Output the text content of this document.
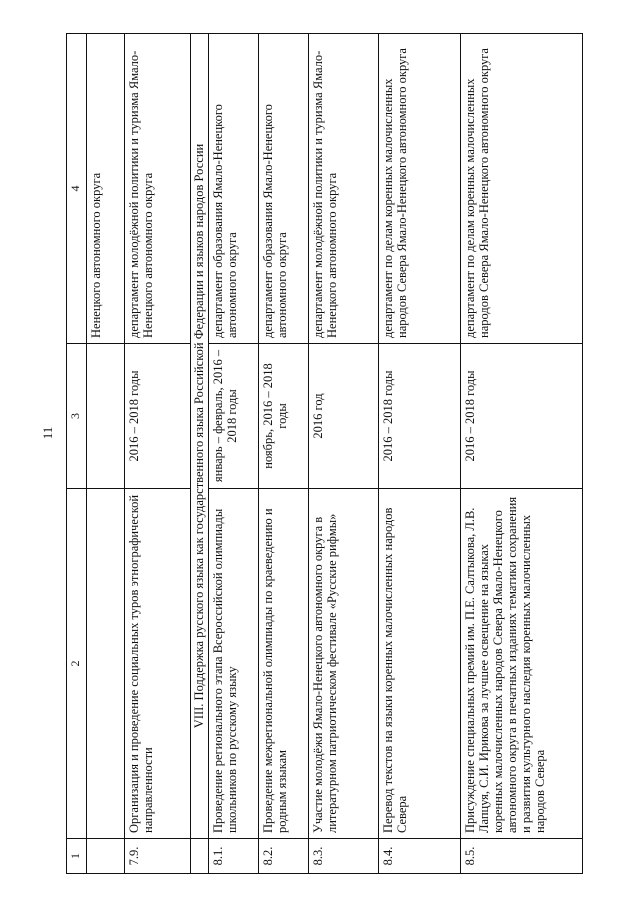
11
1	2	3	4
			Ненецкого автономного округа
7.9.	Организация и проведение социальных туров этнографической направленности	2016 – 2018 годы	департамент молодёжной политики и туризма Ямало-Ненецкого автономного округа
	VIII. Поддержка русского языка как государственного языка Российской Федерации и языков народов России		
8.1.	Проведение регионального этапа Всероссийской олимпиады школьников по русскому языку	январь – февраль, 2016 – 2018 годы	департамент образования Ямало-Ненецкого автономного округа
8.2.	Проведение межрегиональной олимпиады по краеведению и родным языкам	ноябрь, 2016 – 2018 годы	департамент образования Ямало-Ненецкого автономного округа
8.3.	Участие молодёжи Ямало-Ненецкого автономного округа в литературном патриотическом фестивале «Русские рифмы»	2016 год	департамент молодёжной политики и туризма Ямало-Ненецкого автономного округа
8.4.	Перевод текстов на языки коренных малочисленных народов Севера	2016 – 2018 годы	департамент по делам коренных малочисленных народов Севера Ямало-Ненецкого автономного округа
8.5.	Присуждение специальных премий им. П.Е. Салтыкова, Л.В. Лапцуя, С.И. Ирикова за лучшее освещение на языках коренных малочисленных народов Севера Ямало-Ненецкого автономного округа в печатных изданиях тематики сохранения и развития культурного наследия коренных малочисленных народов Севера	2016 – 2018 годы	департамент по делам коренных малочисленных народов Севера Ямало-Ненецкого автономного округа
